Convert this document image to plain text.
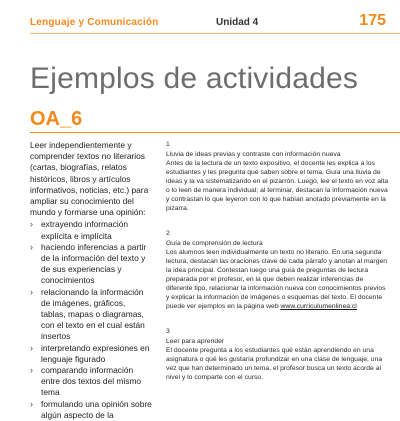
Lenguaje y Comunicación	Unidad 4	175
Ejemplos de actividades
OA_6

Leer independientemente y comprender textos no literarios (cartas, biografías, relatos históricos, libros y artículos informativos, noticias, etc.) para ampliar su conocimiento del mundo y formarse una opinión:

› extrayendo información explícita e implícita
› haciendo inferencias a partir de la información del texto y de sus experiencias y conocimientos
› relacionando la información de imágenes, gráficos, tablas, mapas o diagramas, con el texto en el cual están insertos
› interpretando expresiones en lenguaje figurado
› comparando información entre dos textos del mismo tema
› formulando una opinión sobre algún aspecto de la
1
Lluvia de ideas previas y contraste con información nueva
Antes de la lectura de un texto expositivo, el docente les explica a los estudiantes y les pregunta qué saben sobre el tema. Guía una lluvia de ideas y la va sistematizando en el pizarrón. Luego, lee el texto en voz alta o lo leen de manera individual; al terminar, destacan la información nueva y contrastan lo que leyeron con lo que habían anotado previamente en la pizarra.
2
Guía de comprensión de lectura
Los alumnos leen individualmente un texto no literario. En una segunda lectura, destacan las oraciones clave de cada párrafo y anotan al margen la idea principal. Contestan luego una guía de preguntas de lectura preparada por el profesor, en la que deben realizar inferencias de diferente tipo, relacionar la información nueva con conocimientos previos y explicar la información de imágenes o esquemas del texto. El docente puede ver ejemplos en la página web www.curriculumenlinea.cl
3
Leer para aprender
El docente pregunta a los estudiantes qué están aprendiendo en una asignatura o qué les gustaría profundizar en una clase de lenguaje, una vez que han determinado un tema, el profesor busca un texto acorde al nivel y lo comparte con el curso.
